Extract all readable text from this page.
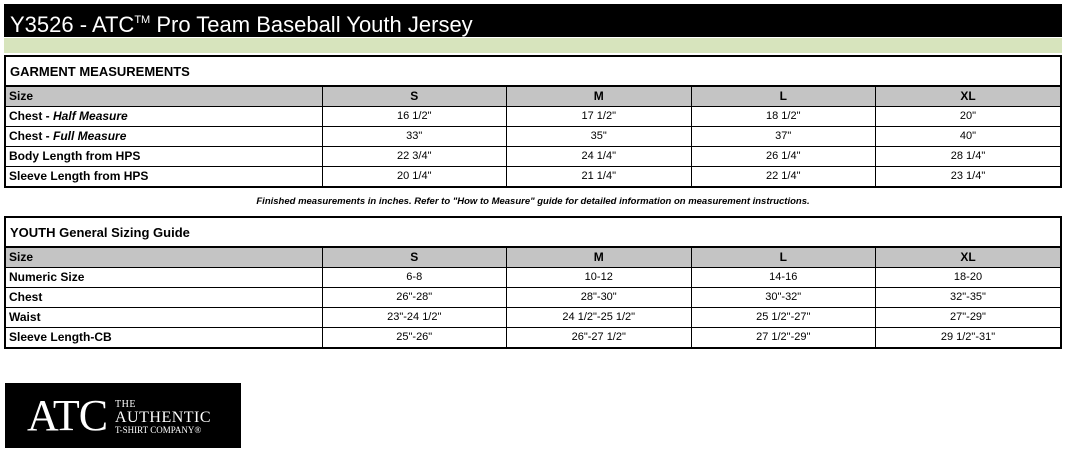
Y3526 - ATC™ Pro Team Baseball Youth Jersey
GARMENT MEASUREMENTS
Size	S	M	L	XL
Chest - Half Measure	16 1/2"	17 1/2"	18 1/2"	20"
Chest - Full Measure	33"	35"	37"	40"
Body Length from HPS	22 3/4"	24 1/4"	26 1/4"	28 1/4"
Sleeve Length from HPS	20 1/4"	21 1/4"	22 1/4"	23 1/4"
Finished measurements in inches. Refer to "How to Measure" guide for detailed information on measurement instructions.
YOUTH General Sizing Guide
Size	S	M	L	XL
Numeric Size	6-8	10-12	14-16	18-20
Chest	26"-28"	28"-30"	30"-32"	32"-35"
Waist	23"-24 1/2"	24 1/2"-25 1/2"	25 1/2"-27"	27"-29"
Sleeve Length-CB	25"-26"	26"-27 1/2"	27 1/2"-29"	29 1/2"-31"
ATC THE
AUTHENTIC
T-SHIRT COMPANY®
